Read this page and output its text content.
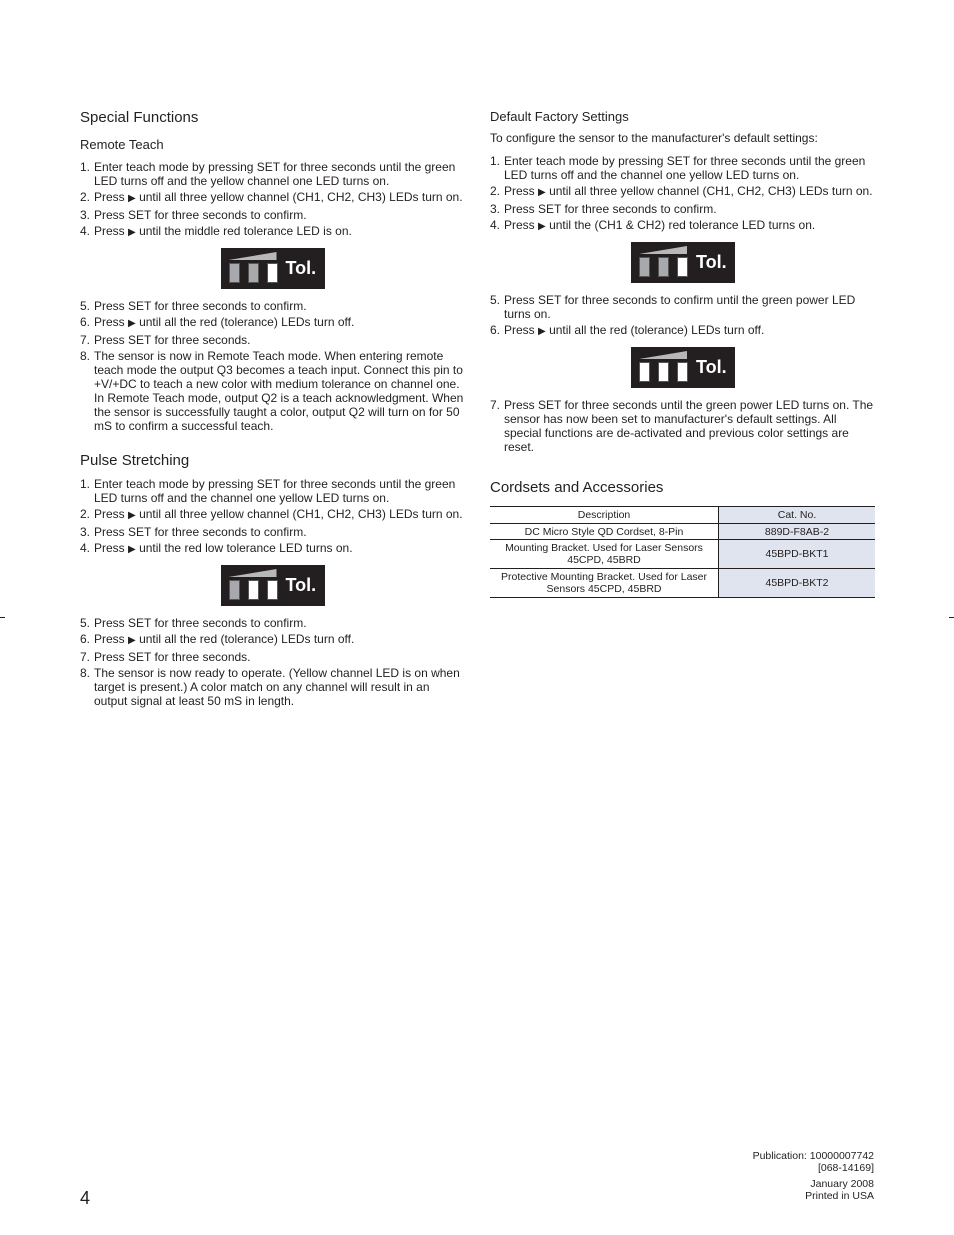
Special Functions
Remote Teach
1. Enter teach mode by pressing SET for three seconds until the green LED turns off and the yellow channel one LED turns on.
2. Press ▶ until all three yellow channel (CH1, CH2, CH3) LEDs turn on.
3. Press SET for three seconds to confirm.
4. Press ▶ until the middle red tolerance LED is on.
Tol.
5. Press SET for three seconds to confirm.
6. Press ▶ until all the red (tolerance) LEDs turn off.
7. Press SET for three seconds.
8. The sensor is now in Remote Teach mode. When entering remote teach mode the output Q3 becomes a teach input. Connect this pin to +V/+DC to teach a new color with medium tolerance on channel one. In Remote Teach mode, output Q2 is a teach acknowledgment. When the sensor is successfully taught a color, output Q2 will turn on for 50 mS to confirm a successful teach.
Pulse Stretching
1. Enter teach mode by pressing SET for three seconds until the green LED turns off and the channel one yellow LED turns on.
2. Press ▶ until all three yellow channel (CH1, CH2, CH3) LEDs turn on.
3. Press SET for three seconds to confirm.
4. Press ▶ until the red low tolerance LED turns on.
Tol.
5. Press SET for three seconds to confirm.
6. Press ▶ until all the red (tolerance) LEDs turn off.
7. Press SET for three seconds.
8. The sensor is now ready to operate. (Yellow channel LED is on when target is present.) A color match on any channel will result in an output signal at least 50 mS in length.
Default Factory Settings

To configure the sensor to the manufacturer's default settings:

1. Enter teach mode by pressing SET for three seconds until the green LED turns off and the channel one yellow LED turns on.
2. Press ▶ until all three yellow channel (CH1, CH2, CH3) LEDs turn on.
3. Press SET for three seconds to confirm.
4. Press ▶ until the (CH1 & CH2) red tolerance LED turns on.
Tol.
5. Press SET for three seconds to confirm until the green power LED turns on.
6. Press ▶ until all the red (tolerance) LEDs turn off.
Tol.
7. Press SET for three seconds until the green power LED turns on. The sensor has now been set to manufacturer's default settings. All special functions are de-activated and previous color settings are reset.
Cordsets and Accessories
Description	Cat. No.
DC Micro Style QD Cordset, 8-Pin	889D-F8AB-2
Mounting Bracket. Used for Laser Sensors 45CPD, 45BRD	45BPD-BKT1
Protective Mounting Bracket. Used for Laser Sensors 45CPD, 45BRD	45BPD-BKT2
4
Publication: 10000007742
[068-14169]
January 2008
Printed in USA
